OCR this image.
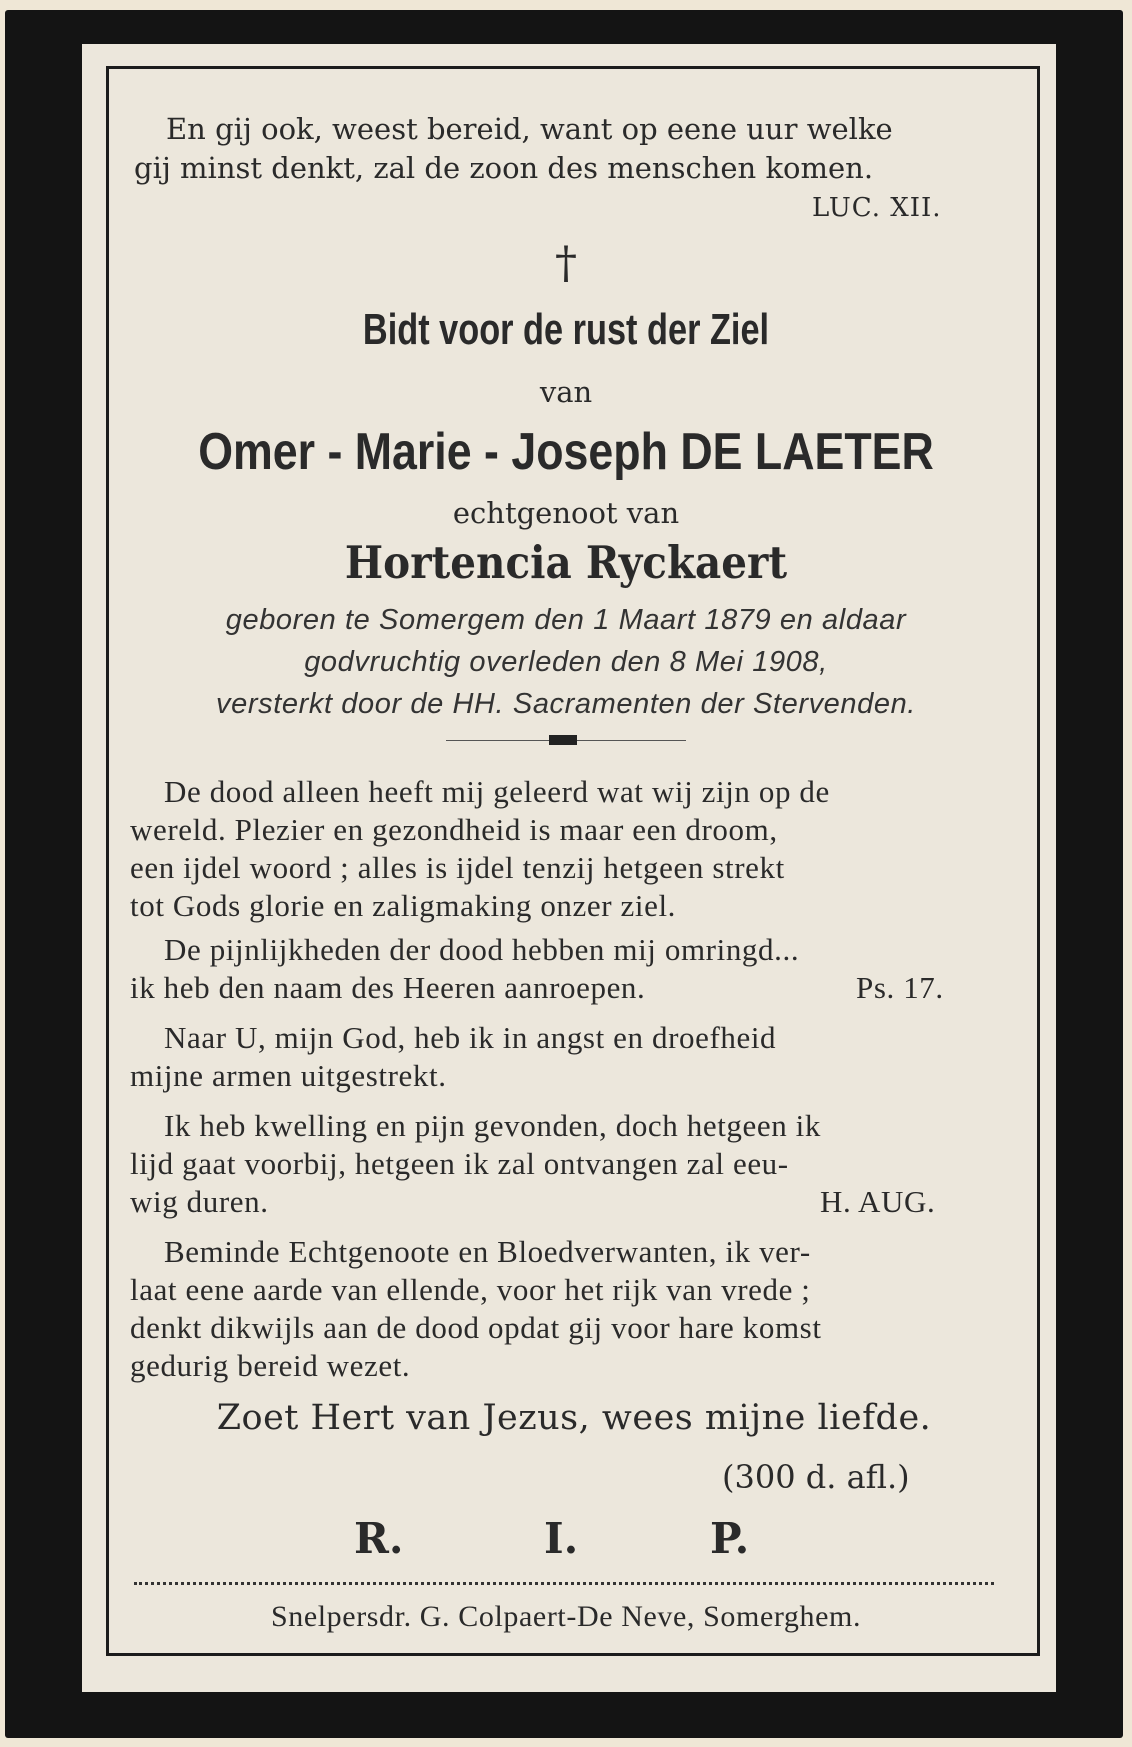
En gij ook, weest bereid, want op eene uur welke
gij minst denkt, zal de zoon des menschen komen.
LUC. XII.
†
Bidt voor de rust der Ziel
van
Omer - Marie - Joseph DE LAETER
echtgenoot van
Hortencia Ryckaert
geboren te Somergem den 1 Maart 1879 en aldaar
godvruchtig overleden den 8 Mei 1908,
versterkt door de HH. Sacramenten der Stervenden.
De dood alleen heeft mij geleerd wat wij zijn op de
wereld. Plezier en gezondheid is maar een droom,
een ijdel woord ; alles is ijdel tenzij hetgeen strekt
tot Gods glorie en zaligmaking onzer ziel.
De pijnlijkheden der dood hebben mij omringd...
ik heb den naam des Heeren aanroepen.	Ps. 17.
Naar U, mijn God, heb ik in angst en droefheid
mijne armen uitgestrekt.
Ik heb kwelling en pijn gevonden, doch hetgeen ik
lijd gaat voorbij, hetgeen ik zal ontvangen zal eeu-
wig duren.	H. AUG.
Beminde Echtgenoote en Bloedverwanten, ik ver-
laat eene aarde van ellende, voor het rijk van vrede ;
denkt dikwijls aan de dood opdat gij voor hare komst
gedurig bereid wezet.
Zoet Hert van Jezus, wees mijne liefde.
(300 d. afl.)
R.	I.	P.
Snelpersdr. G. Colpaert-De Neve, Somerghem.
